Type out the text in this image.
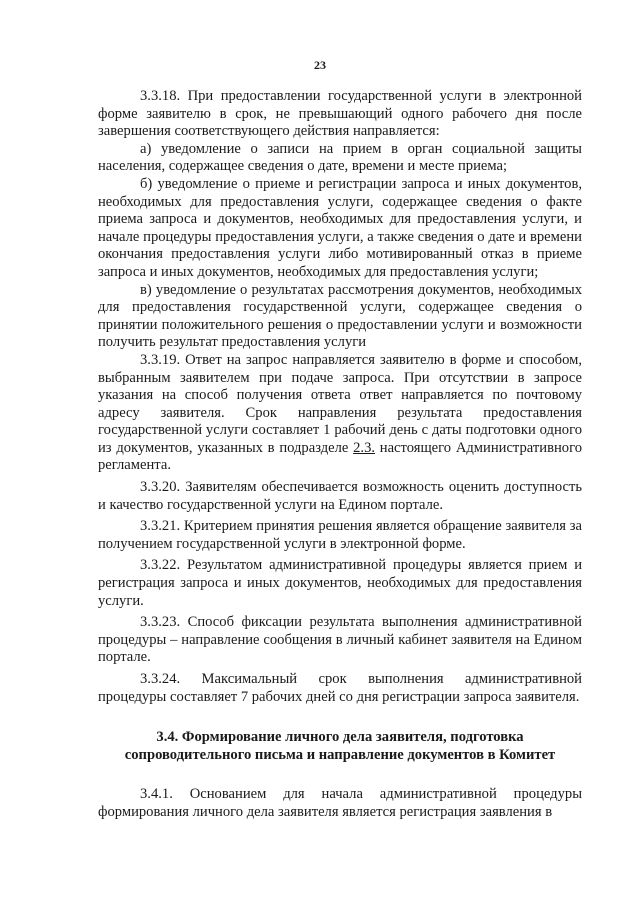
23

3.3.18. При предоставлении государственной услуги в электронной форме заявителю в срок, не превышающий одного рабочего дня после завершения соответствующего действия направляется:

а) уведомление о записи на прием в орган социальной защиты населения, содержащее сведения о дате, времени и месте приема;

б) уведомление о приеме и регистрации запроса и иных документов, необходимых для предоставления услуги, содержащее сведения о факте приема запроса и документов, необходимых для предоставления услуги, и начале процедуры предоставления услуги, а также сведения о дате и времени окончания предоставления услуги либо мотивированный отказ в приеме запроса и иных документов, необходимых для предоставления услуги;

в) уведомление о результатах рассмотрения документов, необходимых для предоставления государственной услуги, содержащее сведения о принятии положительного решения о предоставлении услуги и возможности получить результат предоставления услуги

3.3.19. Ответ на запрос направляется заявителю в форме и способом, выбранным заявителем при подаче запроса. При отсутствии в запросе указания на способ получения ответа ответ направляется по почтовому адресу заявителя. Срок направления результата предоставления государственной услуги составляет 1 рабочий день с даты подготовки одного из документов, указанных в подразделе 2.3. настоящего Административного регламента.

3.3.20. Заявителям обеспечивается возможность оценить доступность и качество государственной услуги на Едином портале.

3.3.21. Критерием принятия решения является обращение заявителя за получением государственной услуги в электронной форме.

3.3.22. Результатом административной процедуры является прием и регистрация запроса и иных документов, необходимых для предоставления услуги.

3.3.23. Способ фиксации результата выполнения административной процедуры – направление сообщения в личный кабинет заявителя на Едином портале.

3.3.24. Максимальный срок выполнения административной процедуры составляет 7 рабочих дней со дня регистрации запроса заявителя.

3.4. Формирование личного дела заявителя, подготовка
сопроводительного письма и направление документов в Комитет

3.4.1. Основанием для начала административной процедуры формирования личного дела заявителя является регистрация заявления в
